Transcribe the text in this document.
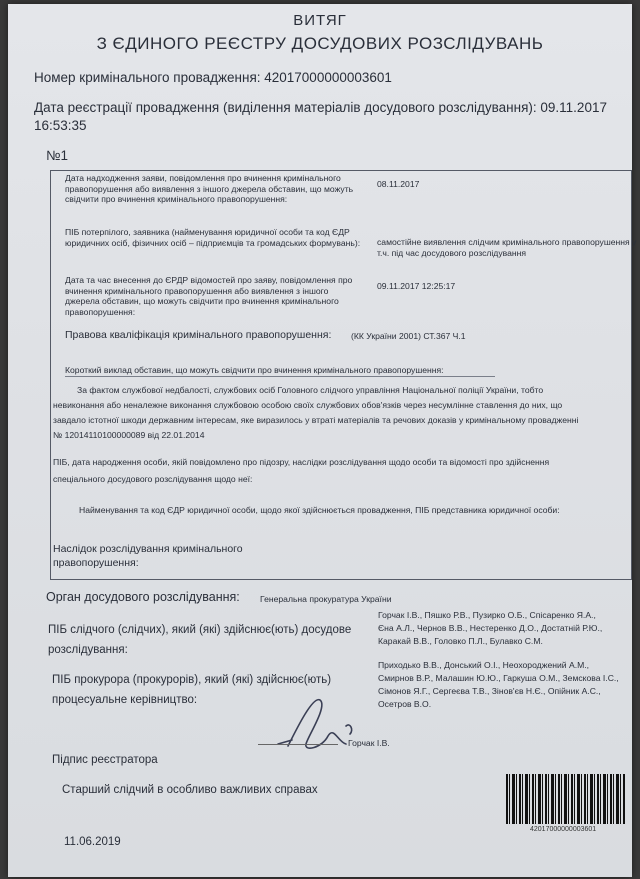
ВИТЯГ
З ЄДИНОГО РЕЄСТРУ ДОСУДОВИХ РОЗСЛІДУВАНЬ
Номер кримінального провадження: 42017000000003601
Дата реєстрації провадження (виділення матеріалів досудового розслідування): 09.11.2017
16:53:35
№1
Дата надходження заяви, повідомлення про вчинення кримінального правопорушення або виявлення з іншого джерела обставин, що можуть свідчити про вчинення кримінального правопорушення:
08.11.2017
ПІБ потерпілого, заявника (найменування юридичної особи та код ЄДР юридичних осіб, фізичних осіб – підприємців та громадських формувань):	самостійне виявлення слідчим кримінального правопорушення у т.ч. під час досудового розслідування
Дата та час внесення до ЄРДР відомостей про заяву, повідомлення про вчинення кримінального правопорушення або виявлення з іншого джерела обставин, що можуть свідчити про вчинення кримінального правопорушення:
09.11.2017 12:25:17
Правова кваліфікація кримінального правопорушення: (КК України 2001) СТ.367 Ч.1
Короткий виклад обставин, що можуть свідчити про вчинення кримінального правопорушення:
За фактом службової недбалості, службових осіб Головного слідчого управління Національної поліції України, тобто
невиконання або неналежне виконання службовою особою своїх службових обов'язків через несумлінне ставлення до них, що
завдало істотної шкоди державним інтересам, яке виразилось у втраті матеріалів та речових доказів у кримінальному провадженні
№ 12014110100000089 від 22.01.2014
ПІБ, дата народження особи, якій повідомлено про підозру, наслідки розслідування щодо особи та відомості про здійснення
спеціального досудового розслідування щодо неї:
Найменування та код ЄДР юридичної особи, щодо якої здійснюється провадження, ПІБ представника юридичної особи:
Наслідок розслідування кримінального
правопорушення:
Орган досудового розслідування: Генеральна прокуратура України
ПІБ слідчого (слідчих), який (які) здійснює(ють) досудове
розслідування:
Горчак І.В., Пяшко Р.В., Пузирко О.Б., Спісаренко Я.А.,
Єна А.Л., Чернов В.В., Нестеренко Д.О., Достатній Р.Ю.,
Каракай В.В., Головко П.Л., Булавко С.М.
ПІБ прокурора (прокурорів), який (які) здійснює(ють)
процесуальне керівництво:
Приходько В.В., Донський О.І., Неохороджений А.М.,
Смирнов В.Р., Малашин Ю.Ю., Гаркуша О.М., Земскова І.С.,
Сімонов Я.Г., Сергеєва Т.В., Зінов'єв Н.Є., Опійник А.С.,
Осетров В.О.
Горчак І.В.
Підпис реєстратора
Старший слідчий в особливо важливих справах
11.06.2019
42017000000003601
